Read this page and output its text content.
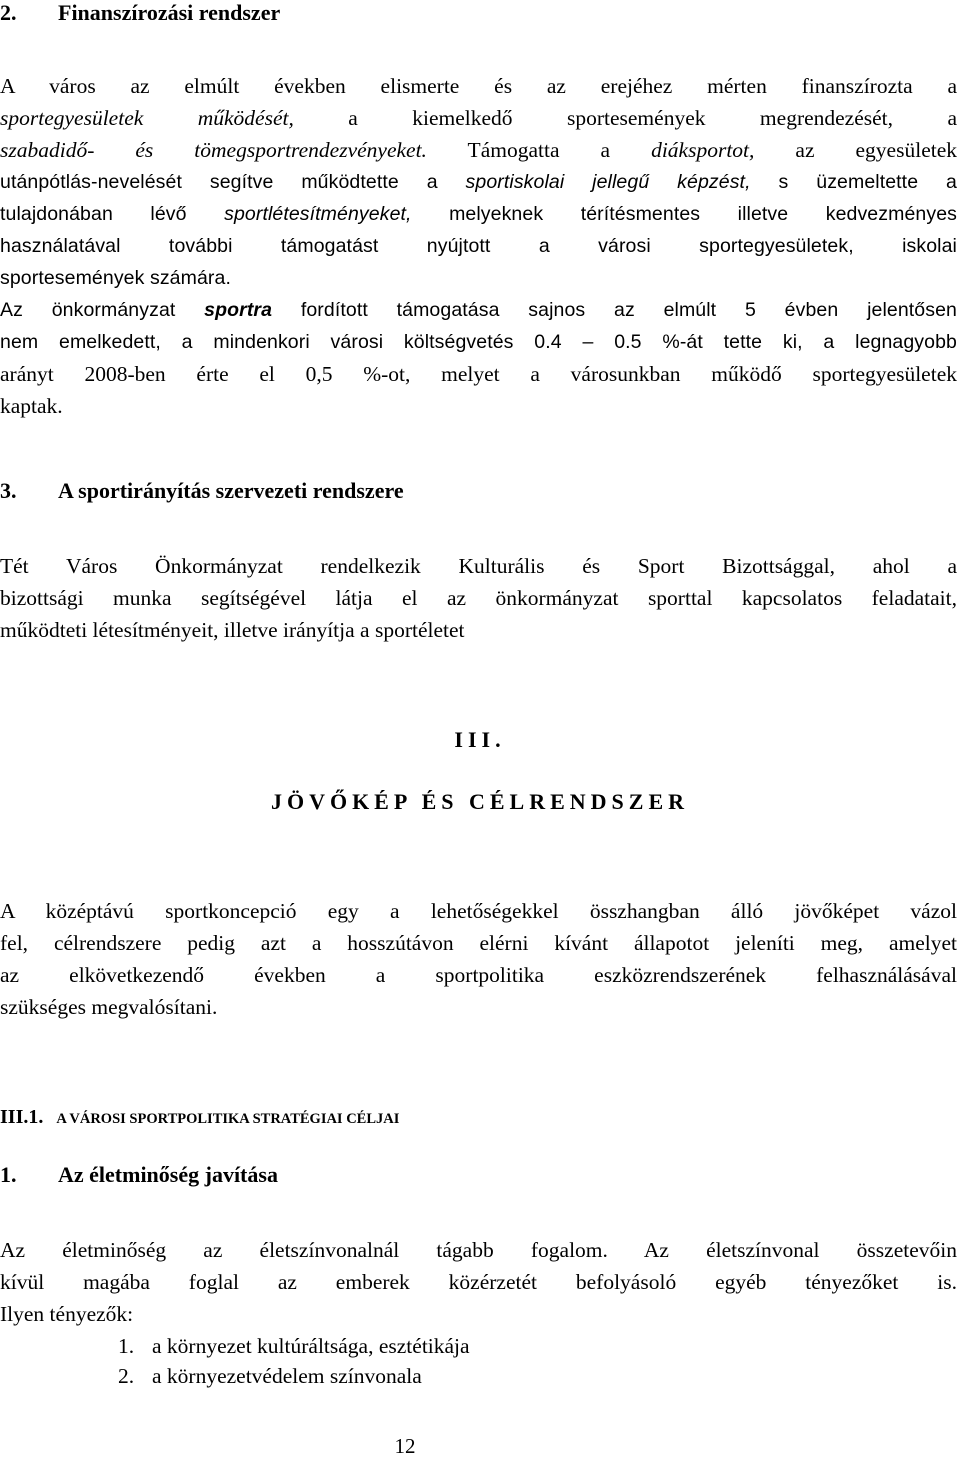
2. Finanszírozási rendszer
A város az elmúlt években elismerte és az erejéhez mérten finanszírozta a
sportegyesületek működését, a kiemelkedő sportesemények megrendezését, a
szabadidő- és tömegsportrendezvényeket. Támogatta a diáksportot, az egyesületek
utánpótlás-nevelését segítve működtette a sportiskolai jellegű képzést, s üzemeltette a
tulajdonában lévő sportlétesítményeket, melyeknek térítésmentes illetve kedvezményes
használatával további támogatást nyújtott a városi sportegyesületek, iskolai
sportesemények számára.
Az önkormányzat sportra fordított támogatása sajnos az elmúlt 5 évben jelentősen
nem emelkedett, a mindenkori városi költségvetés 0.4 – 0.5 %-át tette ki, a legnagyobb
arányt 2008-ben érte el 0,5 %-ot, melyet a városunkban működő sportegyesületek
kaptak.
3. A sportirányítás szervezeti rendszere
Tét Város Önkormányzat rendelkezik Kulturális és Sport Bizottsággal, ahol a
bizottsági munka segítségével látja el az önkormányzat sporttal kapcsolatos feladatait,
működteti létesítményeit, illetve irányítja a sportéletet
III.
JÖVŐKÉP ÉS CÉLRENDSZER
A középtávú sportkoncepció egy a lehetőségekkel összhangban álló jövőképet vázol
fel, célrendszere pedig azt a hosszútávon elérni kívánt állapotot jeleníti meg, amelyet
az elkövetkezendő években a sportpolitika eszközrendszerének felhasználásával
szükséges megvalósítani.
III.1. A VÁROSI SPORTPOLITIKA STRATÉGIAI CÉLJAI
1. Az életminőség javítása
Az életminőség az életszínvonalnál tágabb fogalom. Az életszínvonal összetevőin
kívül magába foglal az emberek közérzetét befolyásoló egyéb tényezőket is.
Ilyen tényezők:
1. a környezet kultúráltsága, esztétikája
2. a környezetvédelem színvonala
12
